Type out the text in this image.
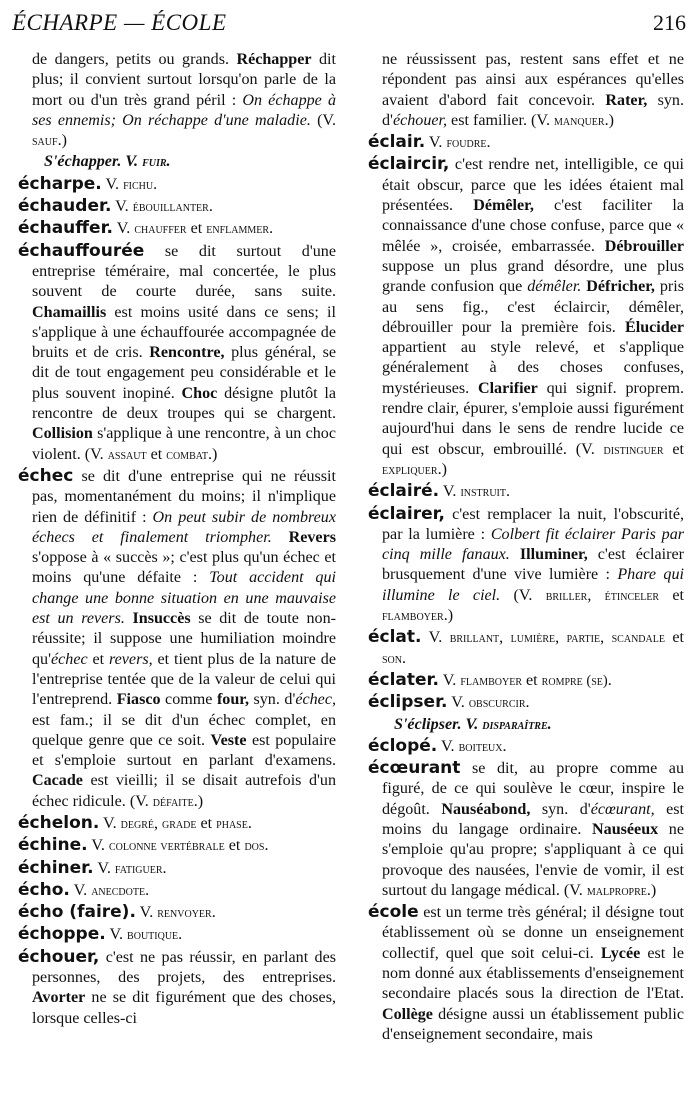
ÉCHARPE — ÉCOLE	216

de dangers, petits ou grands. Réchapper dit plus; il convient surtout lorsqu'on parle de la mort ou d'un très grand péril : On échappe à ses ennemis; On réchappe d'une maladie. (V. sauf.)

S'échapper. V. fuir.

écharpe. V. fichu.

échauder. V. ébouillanter.

échauffer. V. chauffer et enflammer.

échauffourée se dit surtout d'une entreprise téméraire, mal concertée, le plus souvent de courte durée, sans suite. Chamaillis est moins usité dans ce sens; il s'applique à une échauffourée accompagnée de bruits et de cris. Rencontre, plus général, se dit de tout engagement peu considérable et le plus souvent inopiné. Choc désigne plutôt la rencontre de deux troupes qui se chargent. Collision s'applique à une rencontre, à un choc violent. (V. assaut et combat.)

échec se dit d'une entreprise qui ne réussit pas, momentanément du moins; il n'implique rien de définitif : On peut subir de nombreux échecs et finalement triompher. Revers s'oppose à « succès »; c'est plus qu'un échec et moins qu'une défaite : Tout accident qui change une bonne situation en une mauvaise est un revers. Insuccès se dit de toute non-réussite; il suppose une humiliation moindre qu'échec et revers, et tient plus de la nature de l'entreprise tentée que de la valeur de celui qui l'entreprend. Fiasco comme four, syn. d'échec, est fam.; il se dit d'un échec complet, en quelque genre que ce soit. Veste est populaire et s'emploie surtout en parlant d'examens. Cacade est vieilli; il se disait autrefois d'un échec ridicule. (V. défaite.)

échelon. V. degré, grade et phase.

échine. V. colonne vertébrale et dos.

échiner. V. fatiguer.

écho. V. anecdote.

écho (faire). V. renvoyer.

échoppe. V. boutique.

échouer, c'est ne pas réussir, en parlant des personnes, des projets, des entreprises. Avorter ne se dit figurément que des choses, lorsque celles-ci

ne réussissent pas, restent sans effet et ne répondent pas ainsi aux espérances qu'elles avaient d'abord fait concevoir. Rater, syn. d'échouer, est familier. (V. manquer.)

éclair. V. foudre.

éclaircir, c'est rendre net, intelligible, ce qui était obscur, parce que les idées étaient mal présentées. Démêler, c'est faciliter la connaissance d'une chose confuse, parce que « mêlée », croisée, embarrassée. Débrouiller suppose un plus grand désordre, une plus grande confusion que démêler. Défricher, pris au sens fig., c'est éclaircir, démêler, débrouiller pour la première fois. Élucider appartient au style relevé, et s'applique généralement à des choses confuses, mystérieuses. Clarifier qui signif. proprem. rendre clair, épurer, s'emploie aussi figurément aujourd'hui dans le sens de rendre lucide ce qui est obscur, embrouillé. (V. distinguer et expliquer.)

éclairé. V. instruit.

éclairer, c'est remplacer la nuit, l'obscurité, par la lumière : Colbert fit éclairer Paris par cinq mille fanaux. Illuminer, c'est éclairer brusquement d'une vive lumière : Phare qui illumine le ciel. (V. briller, étinceler et flamboyer.)

éclat. V. brillant, lumière, partie, scandale et son.

éclater. V. flamboyer et rompre (se).

éclipser. V. obscurcir.

S'éclipser. V. disparaître.

éclopé. V. boiteux.

écœurant se dit, au propre comme au figuré, de ce qui soulève le cœur, inspire le dégoût. Nauséabond, syn. d'écœurant, est moins du langage ordinaire. Nauséeux ne s'emploie qu'au propre; s'appliquant à ce qui provoque des nausées, l'envie de vomir, il est surtout du langage médical. (V. malpropre.)

école est un terme très général; il désigne tout établissement où se donne un enseignement collectif, quel que soit celui-ci. Lycée est le nom donné aux établissements d'enseignement secondaire placés sous la direction de l'Etat. Collège désigne aussi un établissement public d'enseignement secondaire, mais
